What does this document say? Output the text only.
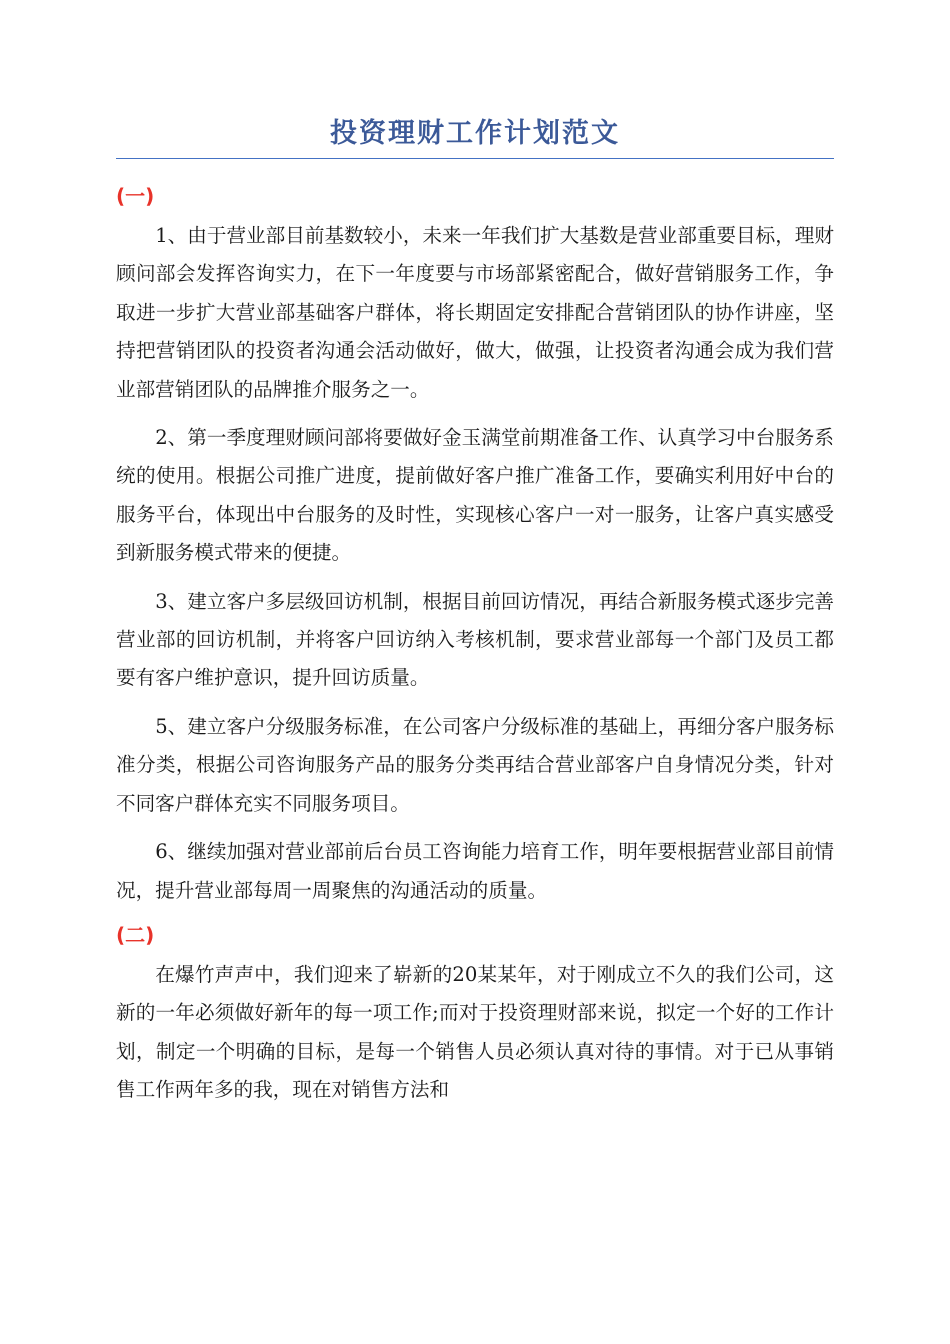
投资理财工作计划范文
(一)

1、由于营业部目前基数较小，未来一年我们扩大基数是营业部重要目标，理财顾问部会发挥咨询实力，在下一年度要与市场部紧密配合，做好营销服务工作，争取进一步扩大营业部基础客户群体，将长期固定安排配合营销团队的协作讲座，坚持把营销团队的投资者沟通会活动做好，做大，做强，让投资者沟通会成为我们营业部营销团队的品牌推介服务之一。

2、第一季度理财顾问部将要做好金玉满堂前期准备工作、认真学习中台服务系统的使用。根据公司推广进度，提前做好客户推广准备工作，要确实利用好中台的服务平台，体现出中台服务的及时性，实现核心客户一对一服务，让客户真实感受到新服务模式带来的便捷。

3、建立客户多层级回访机制，根据目前回访情况，再结合新服务模式逐步完善营业部的回访机制，并将客户回访纳入考核机制，要求营业部每一个部门及员工都要有客户维护意识，提升回访质量。

5、建立客户分级服务标准，在公司客户分级标准的基础上，再细分客户服务标准分类，根据公司咨询服务产品的服务分类再结合营业部客户自身情况分类，针对不同客户群体充实不同服务项目。

6、继续加强对营业部前后台员工咨询能力培育工作，明年要根据营业部目前情况，提升营业部每周一周聚焦的沟通活动的质量。

(二)

在爆竹声声中，我们迎来了崭新的20某某年，对于刚成立不久的我们公司，这新的一年必须做好新年的每一项工作;而对于投资理财部来说，拟定一个好的工作计划，制定一个明确的目标，是每一个销售人员必须认真对待的事情。对于已从事销售工作两年多的我，现在对销售方法和
